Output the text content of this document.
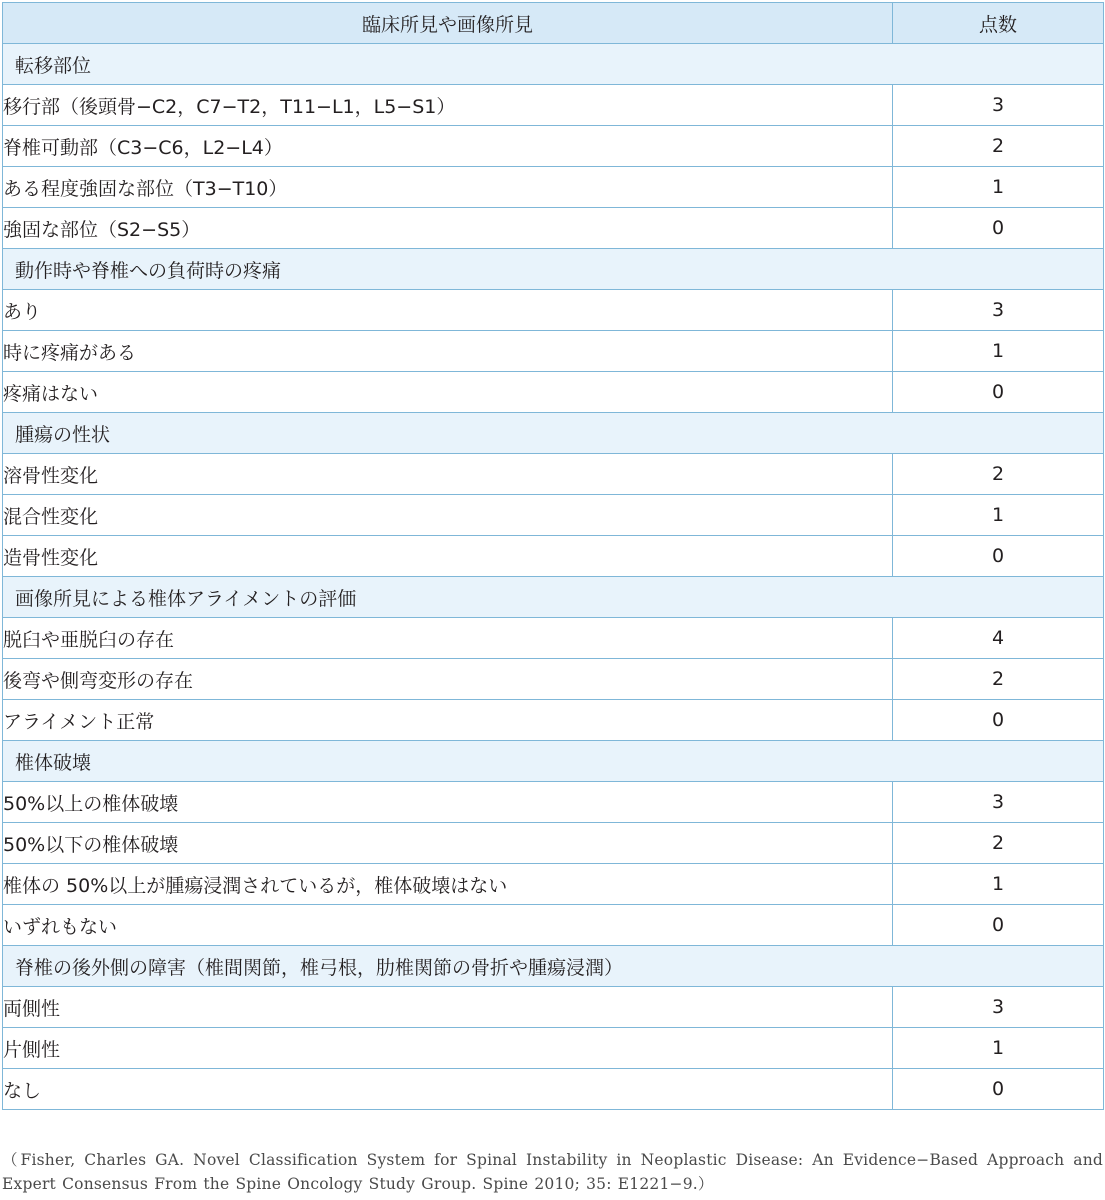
臨床所見や画像所見	点数
転移部位	
移行部（後頭骨−C2，C7−T2，T11−L1，L5−S1）	3
脊椎可動部（C3−C6，L2−L4）	2
ある程度強固な部位（T3−T10）	1
強固な部位（S2−S5）	0
動作時や脊椎への負荷時の疼痛	
あり	3
時に疼痛がある	1
疼痛はない	0
腫瘍の性状	
溶骨性変化	2
混合性変化	1
造骨性変化	0
画像所見による椎体アライメントの評価	
脱臼や亜脱臼の存在	4
後弯や側弯変形の存在	2
アライメント正常	0
椎体破壊	
50%以上の椎体破壊	3
50%以下の椎体破壊	2
椎体の 50%以上が腫瘍浸潤されているが，椎体破壊はない	1
いずれもない	0
脊椎の後外側の障害（椎間関節，椎弓根，肋椎関節の骨折や腫瘍浸潤）	
両側性	3
片側性	1
なし	0
（Fisher, Charles GA. Novel Classification System for Spinal Instability in Neoplastic Disease: An Evidence−Based Approach and Expert Consensus From the Spine Oncology Study Group. Spine 2010; 35: E1221−9.）
